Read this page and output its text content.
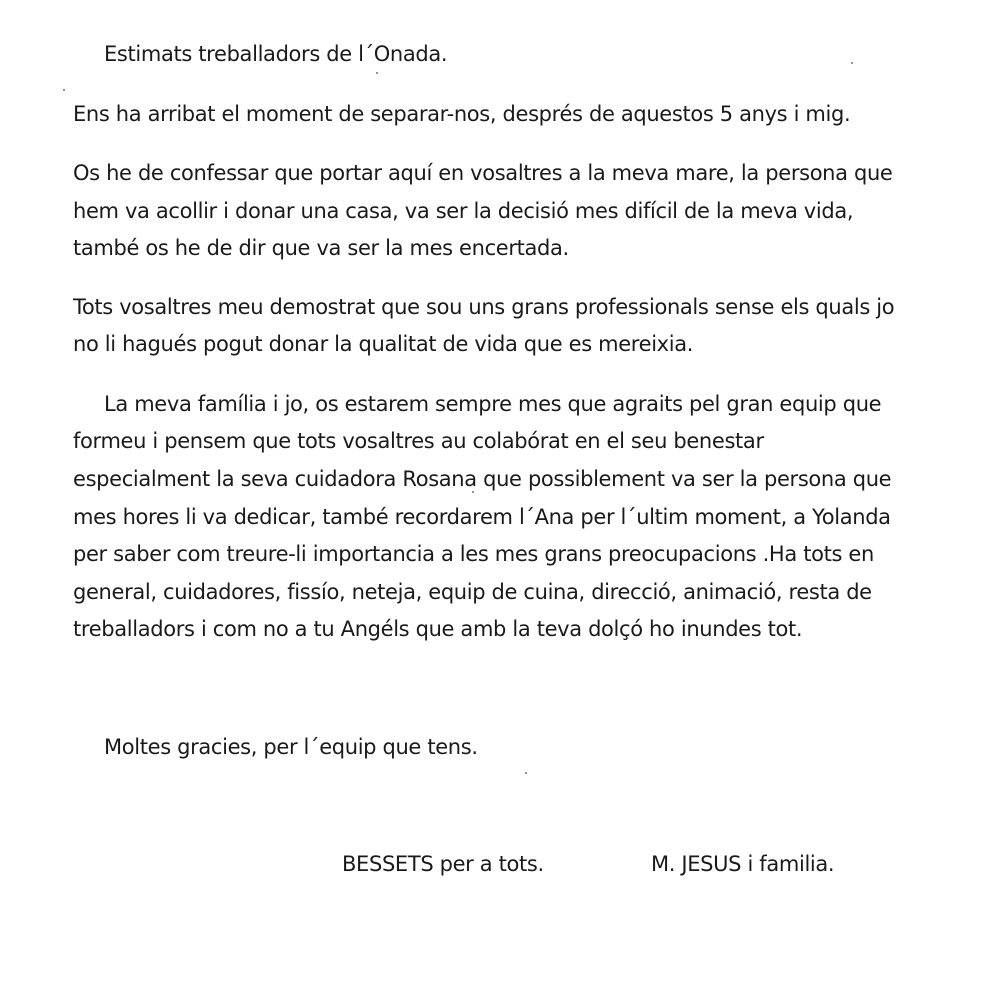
Estimats treballadors de l´Onada.

Ens ha arribat el moment de separar-nos, després de aquestos 5 anys i mig.

Os he de confessar que portar aquí en vosaltres a la meva mare, la persona que

hem va acollir i donar una casa, va ser la decisió mes difícil de la meva vida,

també os he de dir que va ser la mes encertada.

Tots vosaltres meu demostrat que sou uns grans professionals sense els quals jo

no li hagués pogut donar la qualitat de vida que es mereixia.

La meva família i jo, os estarem sempre mes que agraits pel gran equip que

formeu i pensem que tots vosaltres au colabórat en el seu benestar

especialment la seva cuidadora Rosana que possiblement va ser la persona que

mes hores li va dedicar, també recordarem l´Ana per l´ultim moment, a Yolanda

per saber com treure-li importancia a les mes grans preocupacions .Ha tots en

general, cuidadores, fissío, neteja, equip de cuina, direcció, animació, resta de

treballadors i com no a tu Angéls que amb la teva dolçó ho inundes tot.

Moltes gracies, per l´equip que tens.

BESSETS per a tots.	M. JESUS i familia.
